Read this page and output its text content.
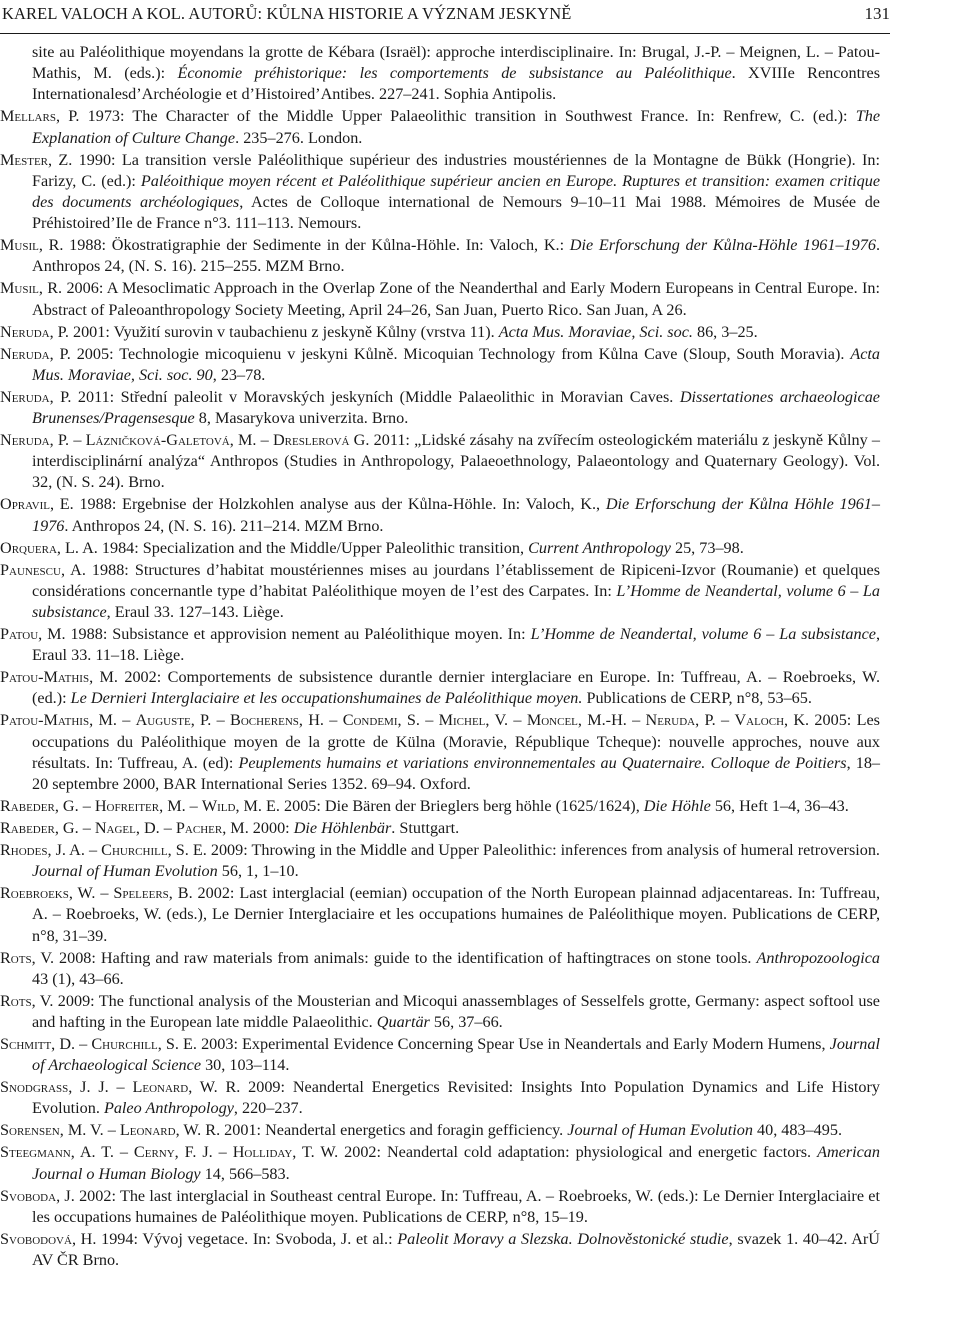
KAREL VALOCH A KOL. AUTORŮ: KŮLNA HISTORIE A VÝZNAM JESKYNĚ	131

site au Paléolithique moyendans la grotte de Kébara (Israël): approche interdisciplinaire. In: Brugal, J.-P. – Meignen, L. – Patou-Mathis, M. (eds.): Économie préhistorique: les comportements de subsistance au Paléolithique. XVIIIe Rencontres Internationalesd’Archéologie et d’Histoired’Antibes. 227–241. Sophia Antipolis.

Mellars, P. 1973: The Character of the Middle Upper Palaeolithic transition in Southwest France. In: Renfrew, C. (ed.): The Explanation of Culture Change. 235–276. London.

Mester, Z. 1990: La transition versle Paléolithique supérieur des industries moustériennes de la Montagne de Bükk (Hongrie). In: Farizy, C. (ed.): Paléoithique moyen récent et Paléolithique supérieur ancien en Europe. Ruptures et transition: examen critique des documents archéologiques, Actes de Colloque international de Nemours 9–10–11 Mai 1988. Mémoires de Musée de Préhistoired’Ile de France n°3. 111–113. Nemours.

Musil, R. 1988: Ökostratigraphie der Sedimente in der Kůlna-Höhle. In: Valoch, K.: Die Erforschung der Kůlna-Höhle 1961–1976. Anthropos 24, (N. S. 16). 215–255. MZM Brno.

Musil, R. 2006: A Mesoclimatic Approach in the Overlap Zone of the Neanderthal and Early Modern Europeans in Central Europe. In: Abstract of Paleoanthropology Society Meeting, April 24–26, San Juan, Puerto Rico. San Juan, A 26.

Neruda, P. 2001: Využití surovin v taubachienu z jeskyně Kůlny (vrstva 11). Acta Mus. Moraviae, Sci. soc. 86, 3–25.

Neruda, P. 2005: Technologie micoquienu v jeskyni Kůlně. Micoquian Technology from Kůlna Cave (Sloup, South Moravia). Acta Mus. Moraviae, Sci. soc. 90, 23–78.

Neruda, P. 2011: Střední paleolit v Moravských jeskyních (Middle Palaeolithic in Moravian Caves. Dissertationes archaeologicae Brunenses/Pragensesque 8, Masarykova univerzita. Brno.

Neruda, P. – Lázničková-Galetová, M. – Dreslerová G. 2011: „Lidské zásahy na zvířecím osteologickém materiálu z jeskyně Kůlny – interdisciplinární analýza“ Anthropos (Studies in Anthropology, Palaeoethnology, Palaeontology and Quaternary Geology). Vol. 32, (N. S. 24). Brno.

Opravil, E. 1988: Ergebnise der Holzkohlen analyse aus der Kůlna-Höhle. In: Valoch, K., Die Erforschung der Kůlna Höhle 1961–1976. Anthropos 24, (N. S. 16). 211–214. MZM Brno.

Orquera, L. A. 1984: Specialization and the Middle/Upper Paleolithic transition, Current Anthropology 25, 73–98.

Paunescu, A. 1988: Structures d’habitat moustériennes mises au jourdans l’établissement de Ripiceni-Izvor (Roumanie) et quelques considérations concernantle type d’habitat Paléolithique moyen de l’est des Carpates. In: L’Homme de Neandertal, volume 6 – La subsistance, Eraul 33. 127–143. Liège.

Patou, M. 1988: Subsistance et approvision nement au Paléolithique moyen. In: L’Homme de Neandertal, volume 6 – La subsistance, Eraul 33. 11–18. Liège.

Patou-Mathis, M. 2002: Comportements de subsistence durantle dernier interglaciare en Europe. In: Tuffreau, A. – Roebroeks, W. (ed.): Le Dernieri Interglaciaire et les occupationshumaines de Paléolithique moyen. Publications de CERP, n°8, 53–65.

Patou-Mathis, M. – Auguste, P. – Bocherens, H. – Condemi, S. – Michel, V. – Moncel, M.-H. – Neruda, P. – Valoch, K. 2005: Les occupations du Paléolithique moyen de la grotte de Külna (Moravie, République Tcheque): nouvelle approches, nouve aux résultats. In: Tuffreau, A. (ed): Peuplements humains et variations environnementales au Quaternaire. Colloque de Poitiers, 18–20 septembre 2000, BAR International Series 1352. 69–94. Oxford.

Rabeder, G. – Hofreiter, M. – Wild, M. E. 2005: Die Bären der Brieglers berg höhle (1625/1624), Die Höhle 56, Heft 1–4, 36–43.

Rabeder, G. – Nagel, D. – Pacher, M. 2000: Die Höhlenbär. Stuttgart.

Rhodes, J. A. – Churchill, S. E. 2009: Throwing in the Middle and Upper Paleolithic: inferences from analysis of humeral retroversion. Journal of Human Evolution 56, 1, 1–10.

Roebroeks, W. – Speleers, B. 2002: Last interglacial (eemian) occupation of the North European plainnad adjacentareas. In: Tuffreau, A. – Roebroeks, W. (eds.), Le Dernier Interglaciaire et les occupations humaines de Paléolithique moyen. Publications de CERP, n°8, 31–39.

Rots, V. 2008: Hafting and raw materials from animals: guide to the identification of haftingtraces on stone tools. Anthropozoologica 43 (1), 43–66.

Rots, V. 2009: The functional analysis of the Mousterian and Micoqui anassemblages of Sesselfels grotte, Germany: aspect softool use and hafting in the European late middle Palaeolithic. Quartär 56, 37–66.

Schmitt, D. – Churchill, S. E. 2003: Experimental Evidence Concerning Spear Use in Neandertals and Early Modern Humens, Journal of Archaeological Science 30, 103–114.

Snodgrass, J. J. – Leonard, W. R. 2009: Neandertal Energetics Revisited: Insights Into Population Dynamics and Life History Evolution. Paleo Anthropology, 220–237.

Sorensen, M. V. – Leonard, W. R. 2001: Neandertal energetics and foragin gefficiency. Journal of Human Evolution 40, 483–495.

Steegmann, A. T. – Cerny, F. J. – Holliday, T. W. 2002: Neandertal cold adaptation: physiological and energetic factors. American Journal o Human Biology 14, 566–583.

Svoboda, J. 2002: The last interglacial in Southeast central Europe. In: Tuffreau, A. – Roebroeks, W. (eds.): Le Dernier Interglaciaire et les occupations humaines de Paléolithique moyen. Publications de CERP, n°8, 15–19.

Svobodová, H. 1994: Vývoj vegetace. In: Svoboda, J. et al.: Paleolit Moravy a Slezska. Dolnověstonické studie, svazek 1. 40–42. ArÚ AV ČR Brno.
